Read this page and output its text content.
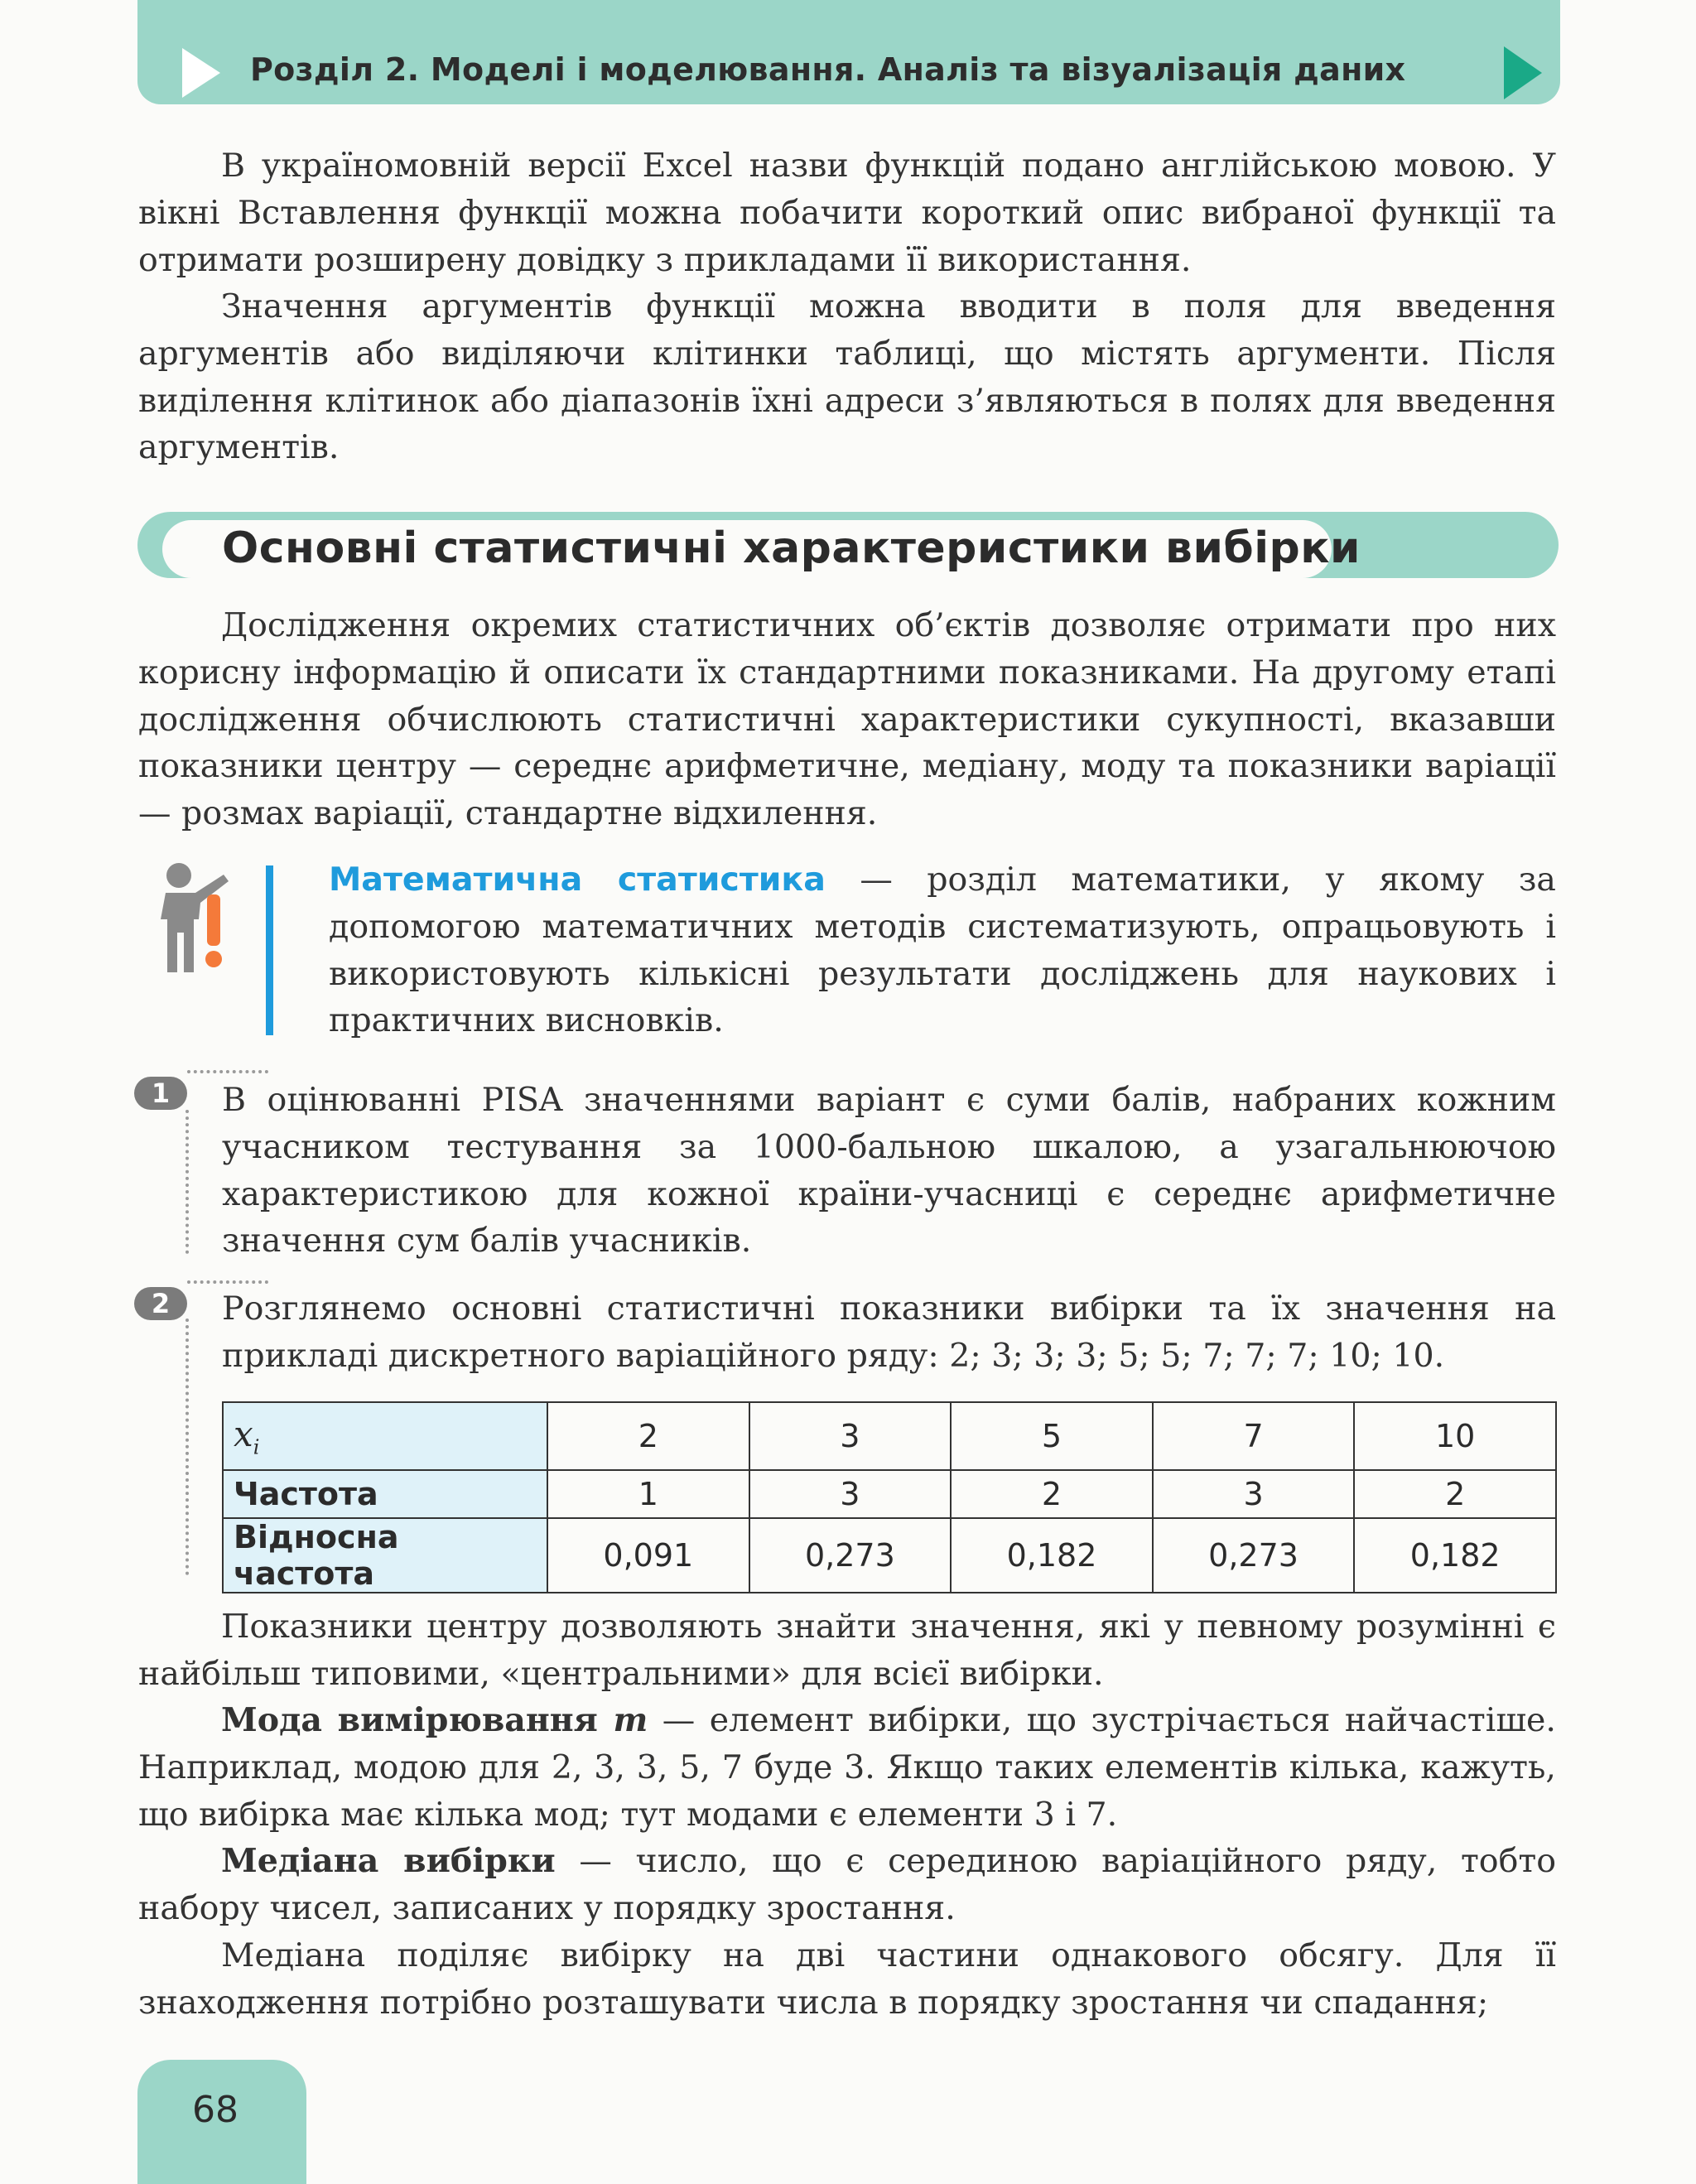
Розділ 2. Моделі і моделювання. Аналіз та візуалізація даних

В україномовній версії Excel назви функцій подано англійською мовою. У вікні Вставлення функції можна побачити короткий опис вибраної функції та отримати розширену довідку з прикладами її використання.

Значення аргументів функції можна вводити в поля для введення аргументів або виділяючи клітинки таблиці, що містять аргументи. Після виділення клітинок або діапазонів їхні адреси з’являються в полях для введення аргументів.

Основні статистичні характеристики вибірки

Дослідження окремих статистичних об’єктів дозволяє отримати про них корисну інформацію й описати їх стандартними показниками. На другому етапі дослідження обчислюють статистичні характеристики сукупності, вказавши показники центру — середнє арифметичне, медіану, моду та показники варіації — розмах варіації, стандартне відхилення.

Математична статистика — розділ математики, у якому за допомогою математичних методів систематизують, опрацьовують і використовують кількісні результати досліджень для наукових і практичних висновків.

1	В оцінюванні PISA значеннями варіант є суми балів, набраних кожним учасником тестування за 1000-бальною шкалою, а узагальнюючою характеристикою для кожної країни-учасниці є середнє арифметичне значення сум балів учасників.

2	Розглянемо основні статистичні показники вибірки та їх значення на прикладі дискретного варіаційного ряду: 2; 3; 3; 3; 5; 5; 7; 7; 7; 10; 10.

$x_i$	2	3	5	7	10
Частота	1	3	2	3	2
Відносна частота	0,091	0,273	0,182	0,273	0,182

Показники центру дозволяють знайти значення, які у певному розумінні є найбільш типовими, «центральними» для всієї вибірки.

Мода вимірювання m — елемент вибірки, що зустрічається найчастіше. Наприклад, модою для 2, 3, 3, 5, 7 буде 3. Якщо таких елементів кілька, кажуть, що вибірка має кілька мод; тут модами є елементи 3 і 7.

Медіана вибірки — число, що є серединою варіаційного ряду, тобто набору чисел, записаних у порядку зростання.

Медіана поділяє вибірку на дві частини однакового обсягу. Для її знаходження потрібно розташувати числа в порядку зростання чи спадання;

68
